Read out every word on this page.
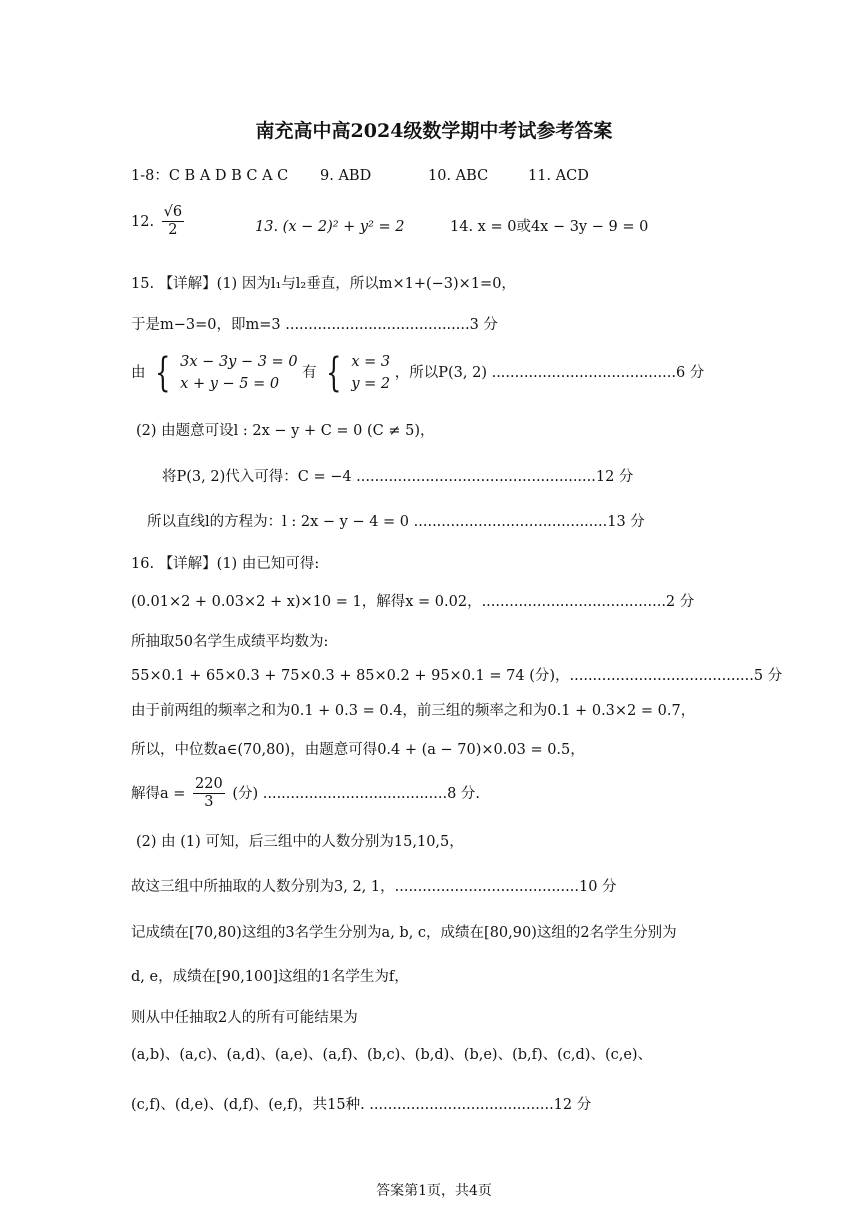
南充高中高2024级数学期中考试参考答案
1-8：C B A D B C A C 9. ABD	10. ABC	11. ACD
12. $\frac{√6}{2}$	13. (x − 2)² + y² = 2	14. x = 0或4x − 3y − 9 = 0
15. 【详解】(1) 因为l₁与l₂垂直，所以m×1+(−3)×1=0，
于是m−3=0，即m=3 ........................................3 分
由 { 3x − 3y − 3 = 0
x + y − 5 = 0
有 { x = 3
y = 2
，所以P(3, 2) ........................................6 分
(2) 由题意可设l : 2x − y + C = 0 (C ≠ 5)，
将P(3, 2)代入可得：C = −4 ....................................................12 分
所以直线l的方程为：l : 2x − y − 4 = 0 ..........................................13 分
16. 【详解】(1) 由已知可得:
(0.01×2 + 0.03×2 + x)×10 = 1，解得x = 0.02，........................................2 分
所抽取50名学生成绩平均数为:
55×0.1 + 65×0.3 + 75×0.3 + 85×0.2 + 95×0.1 = 74 (分)，........................................5 分
由于前两组的频率之和为0.1 + 0.3 = 0.4，前三组的频率之和为0.1 + 0.3×2 = 0.7，
所以，中位数a∈(70,80)，由题意可得0.4 + (a − 70)×0.03 = 0.5，
解得$a = \frac{220}{3}$ (分) ........................................8 分.
(2) 由 (1) 可知，后三组中的人数分别为15,10,5，
故这三组中所抽取的人数分别为3, 2, 1，........................................10 分
记成绩在[70,80)这组的3名学生分别为a, b, c，成绩在[80,90)这组的2名学生分别为
d, e，成绩在[90,100]这组的1名学生为f，
则从中任抽取2人的所有可能结果为
(a,b)、(a,c)、(a,d)、(a,e)、(a,f)、(b,c)、(b,d)、(b,e)、(b,f)、(c,d)、(c,e)、
(c,f)、(d,e)、(d,f)、(e,f)，共15种. ........................................12 分
答案第1页，共4页
